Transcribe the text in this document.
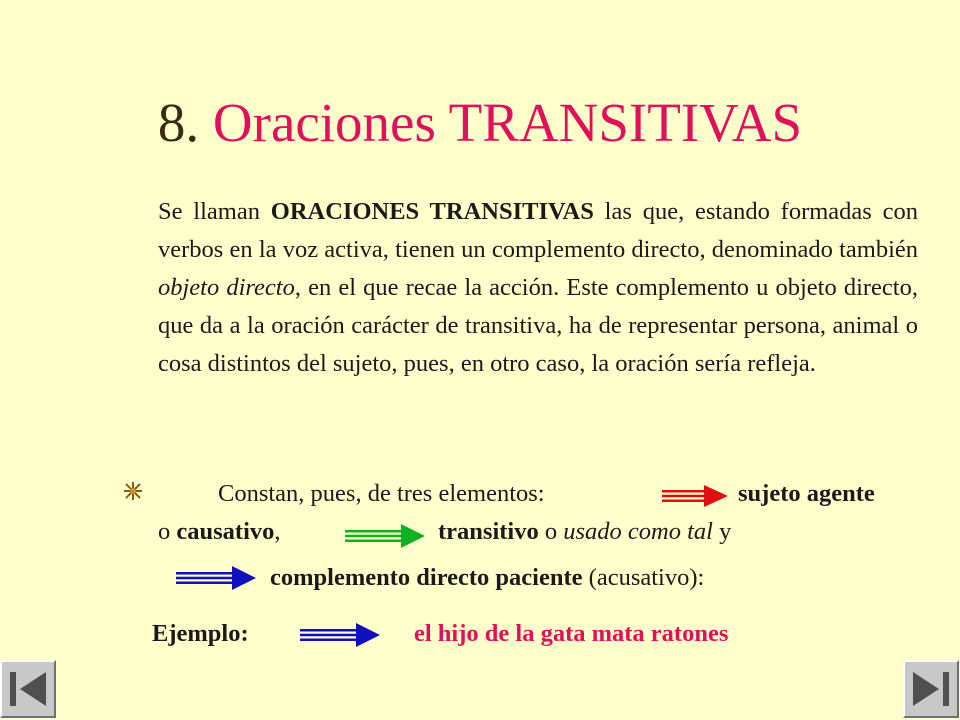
8. Oraciones TRANSITIVAS
Se llaman ORACIONES TRANSITIVAS las que, estando formadas con verbos en la voz activa, tienen un complemento directo, denominado también objeto directo, en el que recae la acción. Este complemento u objeto directo, que da a la oración carácter de transitiva, ha de representar persona, animal o cosa distintos del sujeto, pues, en otro caso, la oración sería refleja.
Constan, pues, de tres elementos:	sujeto agente
o causativo,	transitivo o usado como tal y
complemento directo paciente (acusativo):
Ejemplo:	el hijo de la gata mata ratones
